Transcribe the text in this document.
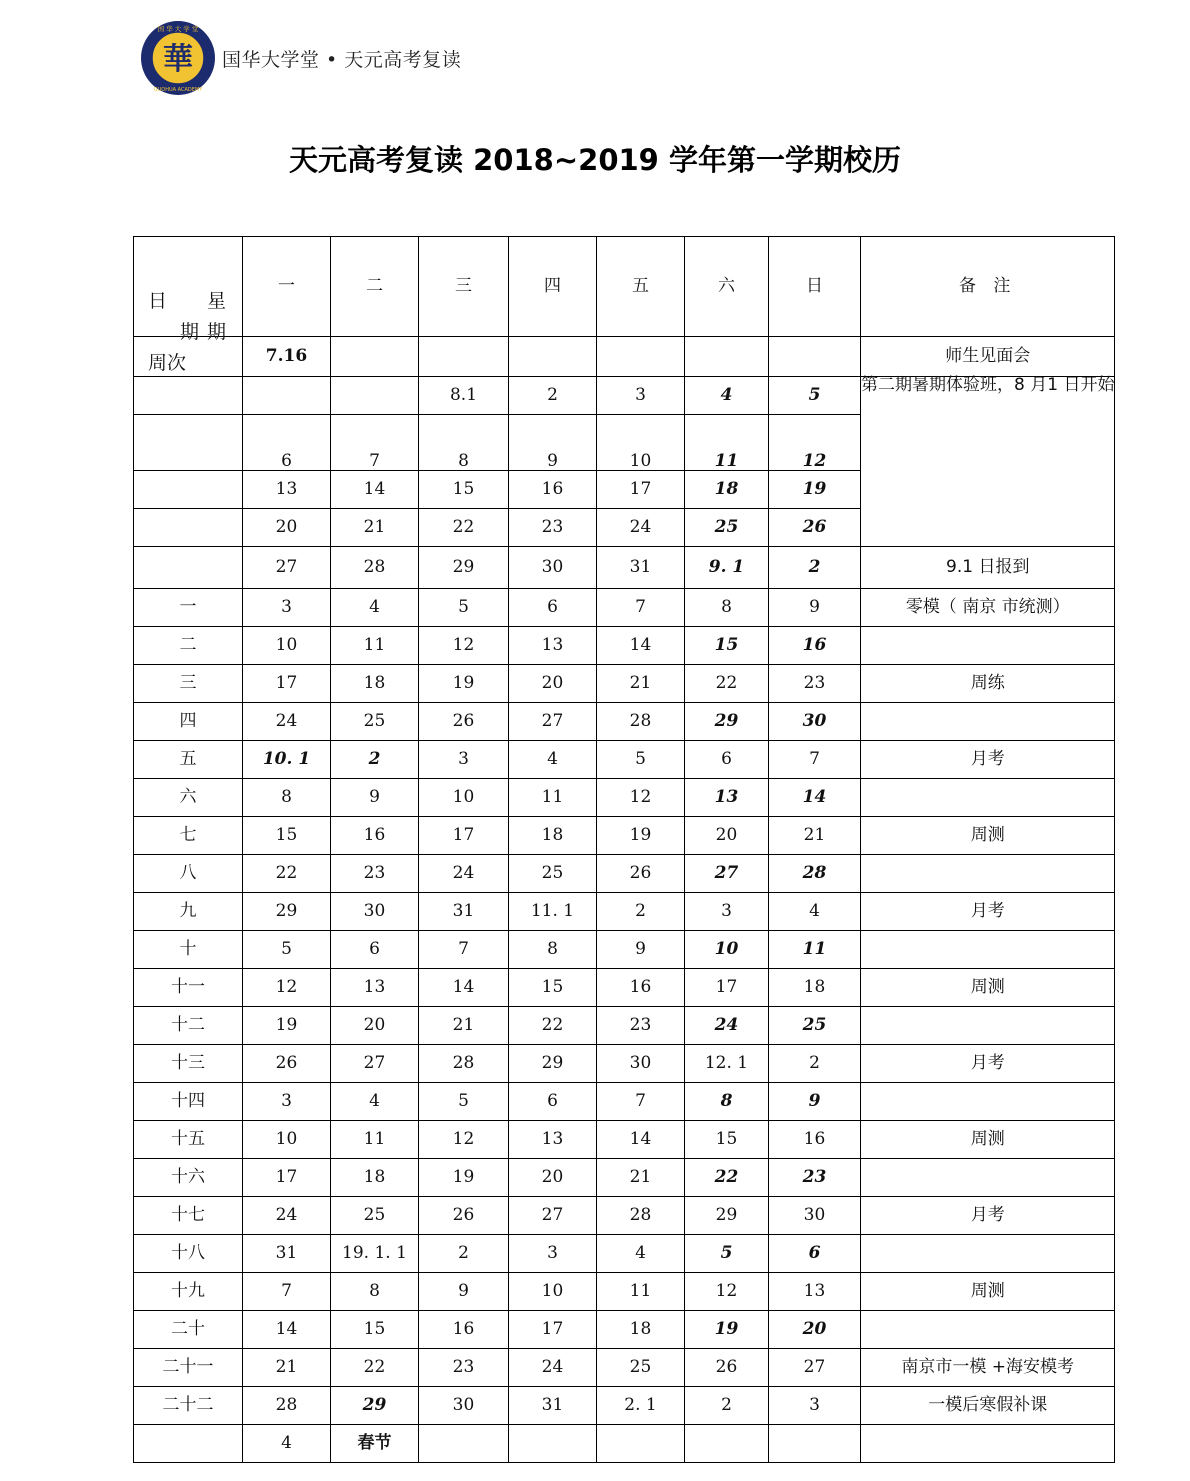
華
国 华 大 学 堂
GUOHUA ACADEMY
国华大学堂 • 天元高考复读
天元高考复读 2018~2019 学年第一学期校历
日 星
期 期
周次	一	二	三	四	五	六	日	备 注
	7.16							师生见面会
			8.1	2	3	4	5	第二期暑期体验班，8 月1 日开始
	6	7	8	9	10	11	12	
	13	14	15	16	17	18	19	
	20	21	22	23	24	25	26	
	27	28	29	30	31	9. 1	2	9.1 日报到
一	3	4	5	6	7	8	9	零模（ 南京 市统测）
二	10	11	12	13	14	15	16	
三	17	18	19	20	21	22	23	周练
四	24	25	26	27	28	29	30	
五	10. 1	2	3	4	5	6	7	月考
六	8	9	10	11	12	13	14	
七	15	16	17	18	19	20	21	周测
八	22	23	24	25	26	27	28	
九	29	30	31	11. 1	2	3	4	月考
十	5	6	7	8	9	10	11	
十一	12	13	14	15	16	17	18	周测
十二	19	20	21	22	23	24	25	
十三	26	27	28	29	30	12. 1	2	月考
十四	3	4	5	6	7	8	9	
十五	10	11	12	13	14	15	16	周测
十六	17	18	19	20	21	22	23	
十七	24	25	26	27	28	29	30	月考
十八	31	19. 1. 1	2	3	4	5	6	
十九	7	8	9	10	11	12	13	周测
二十	14	15	16	17	18	19	20	
二十一	21	22	23	24	25	26	27	南京市一模 +海安模考
二十二	28	29	30	31	2. 1	2	3	一模后寒假补课
	4	春节						
